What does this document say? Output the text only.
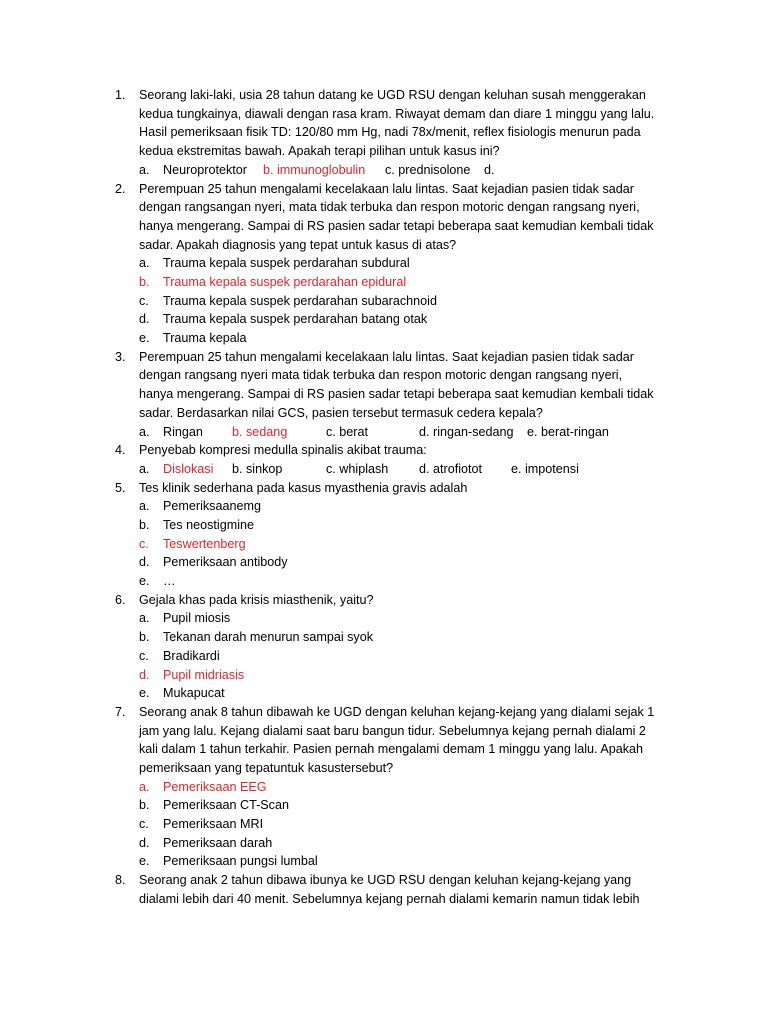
1. Seorang laki-laki, usia 28 tahun datang ke UGD RSU dengan keluhan susah menggerakan
kedua tungkainya, diawali dengan rasa kram. Riwayat demam dan diare 1 minggu yang lalu.
Hasil pemeriksaan fisik TD: 120/80 mm Hg, nadi 78x/menit, reflex fisiologis menurun pada
kedua ekstremitas bawah. Apakah terapi pilihan untuk kasus ini?
a. Neuroprotektor b. immunoglobulin c. prednisolone d.
2. Perempuan 25 tahun mengalami kecelakaan lalu lintas. Saat kejadian pasien tidak sadar
dengan rangsangan nyeri, mata tidak terbuka dan respon motoric dengan rangsang nyeri,
hanya mengerang. Sampai di RS pasien sadar tetapi beberapa saat kemudian kembali tidak
sadar. Apakah diagnosis yang tepat untuk kasus di atas?
a. Trauma kepala suspek perdarahan subdural
b. Trauma kepala suspek perdarahan epidural
c. Trauma kepala suspek perdarahan subarachnoid
d. Trauma kepala suspek perdarahan batang otak
e. Trauma kepala
3. Perempuan 25 tahun mengalami kecelakaan lalu lintas. Saat kejadian pasien tidak sadar
dengan rangsang nyeri mata tidak terbuka dan respon motoric dengan rangsang nyeri,
hanya mengerang. Sampai di RS pasien sadar tetapi beberapa saat kemudian kembali tidak
sadar. Berdasarkan nilai GCS, pasien tersebut termasuk cedera kepala?
a. Ringan b. sedang	c. berat	d. ringan-sedang e. berat-ringan
4. Penyebab kompresi medulla spinalis akibat trauma:
a. Dislokasi b. sinkop	c. whiplash d. atrofiotot e. impotensi
5. Tes klinik sederhana pada kasus myasthenia gravis adalah
a. Pemeriksaanemg
b. Tes neostigmine
c. Teswertenberg
d. Pemeriksaan antibody
e. …
6. Gejala khas pada krisis miasthenik, yaitu?
a. Pupil miosis
b. Tekanan darah menurun sampai syok
c. Bradikardi
d. Pupil midriasis
e. Mukapucat
7. Seorang anak 8 tahun dibawah ke UGD dengan keluhan kejang-kejang yang dialami sejak 1
jam yang lalu. Kejang dialami saat baru bangun tidur. Sebelumnya kejang pernah dialami 2
kali dalam 1 tahun terkahir. Pasien pernah mengalami demam 1 minggu yang lalu. Apakah
pemeriksaan yang tepatuntuk kasustersebut?
a. Pemeriksaan EEG
b. Pemeriksaan CT-Scan
c. Pemeriksaan MRI
d. Pemeriksaan darah
e. Pemeriksaan pungsi lumbal
8. Seorang anak 2 tahun dibawa ibunya ke UGD RSU dengan keluhan kejang-kejang yang
dialami lebih dari 40 menit. Sebelumnya kejang pernah dialami kemarin namun tidak lebih
